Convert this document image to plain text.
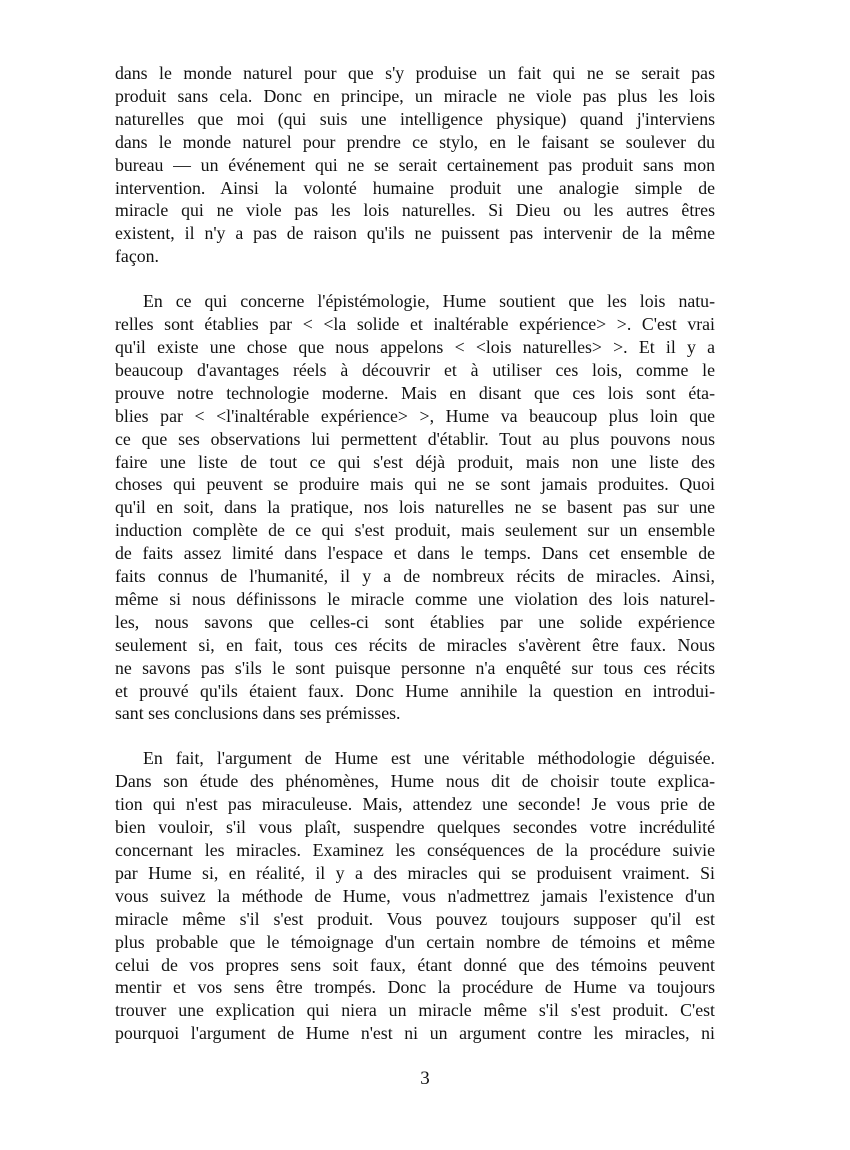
dans le monde naturel pour que s'y produise un fait qui ne se serait pas
produit sans cela. Donc en principe, un miracle ne viole pas plus les lois
naturelles que moi (qui suis une intelligence physique) quand j'interviens
dans le monde naturel pour prendre ce stylo, en le faisant se soulever du
bureau — un événement qui ne se serait certainement pas produit sans mon
intervention. Ainsi la volonté humaine produit une analogie simple de
miracle qui ne viole pas les lois naturelles. Si Dieu ou les autres êtres
existent, il n'y a pas de raison qu'ils ne puissent pas intervenir de la même
façon.

En ce qui concerne l'épistémologie, Hume soutient que les lois natu-
relles sont établies par < <la solide et inaltérable expérience> >. C'est vrai
qu'il existe une chose que nous appelons < <lois naturelles> >. Et il y a
beaucoup d'avantages réels à découvrir et à utiliser ces lois, comme le
prouve notre technologie moderne. Mais en disant que ces lois sont éta-
blies par < <l'inaltérable expérience> >, Hume va beaucoup plus loin que
ce que ses observations lui permettent d'établir. Tout au plus pouvons nous
faire une liste de tout ce qui s'est déjà produit, mais non une liste des
choses qui peuvent se produire mais qui ne se sont jamais produites. Quoi
qu'il en soit, dans la pratique, nos lois naturelles ne se basent pas sur une
induction complète de ce qui s'est produit, mais seulement sur un ensemble
de faits assez limité dans l'espace et dans le temps. Dans cet ensemble de
faits connus de l'humanité, il y a de nombreux récits de miracles. Ainsi,
même si nous définissons le miracle comme une violation des lois naturel-
les, nous savons que celles-ci sont établies par une solide expérience
seulement si, en fait, tous ces récits de miracles s'avèrent être faux. Nous
ne savons pas s'ils le sont puisque personne n'a enquêté sur tous ces récits
et prouvé qu'ils étaient faux. Donc Hume annihile la question en introdui-
sant ses conclusions dans ses prémisses.

En fait, l'argument de Hume est une véritable méthodologie déguisée.
Dans son étude des phénomènes, Hume nous dit de choisir toute explica-
tion qui n'est pas miraculeuse. Mais, attendez une seconde! Je vous prie de
bien vouloir, s'il vous plaît, suspendre quelques secondes votre incrédulité
concernant les miracles. Examinez les conséquences de la procédure suivie
par Hume si, en réalité, il y a des miracles qui se produisent vraiment. Si
vous suivez la méthode de Hume, vous n'admettrez jamais l'existence d'un
miracle même s'il s'est produit. Vous pouvez toujours supposer qu'il est
plus probable que le témoignage d'un certain nombre de témoins et même
celui de vos propres sens soit faux, étant donné que des témoins peuvent
mentir et vos sens être trompés. Donc la procédure de Hume va toujours
trouver une explication qui niera un miracle même s'il s'est produit. C'est
pourquoi l'argument de Hume n'est ni un argument contre les miracles, ni

3
